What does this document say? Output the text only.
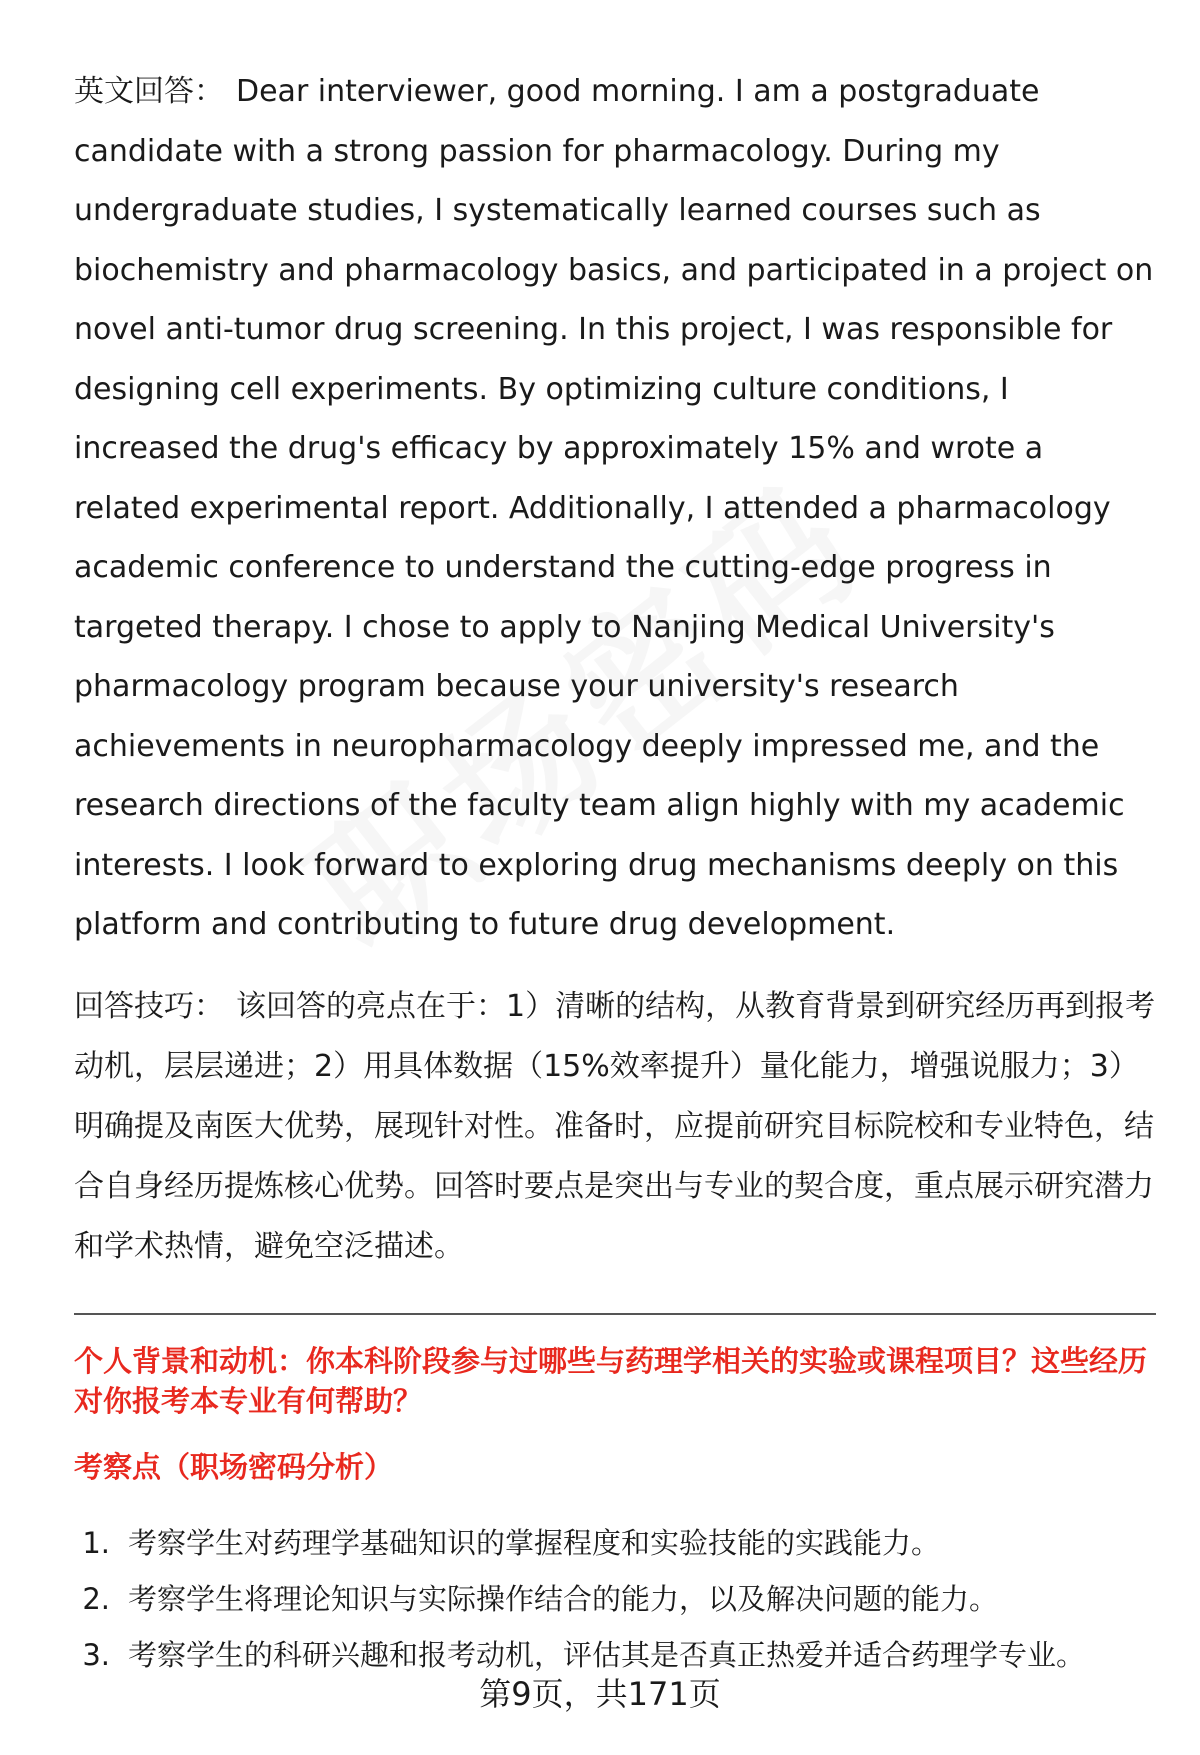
英文回答： Dear interviewer, good morning. I am a postgraduate candidate with a strong passion for pharmacology. During my undergraduate studies, I systematically learned courses such as biochemistry and pharmacology basics, and participated in a project on novel anti-tumor drug screening. In this project, I was responsible for designing cell experiments. By optimizing culture conditions, I increased the drug's efficacy by approximately 15% and wrote a related experimental report. Additionally, I attended a pharmacology academic conference to understand the cutting-edge progress in targeted therapy. I chose to apply to Nanjing Medical University's pharmacology program because your university's research achievements in neuropharmacology deeply impressed me, and the research directions of the faculty team align highly with my academic interests. I look forward to exploring drug mechanisms deeply on this platform and contributing to future drug development.

回答技巧： 该回答的亮点在于：1）清晰的结构，从教育背景到研究经历再到报考动机，层层递进；2）用具体数据（15%效率提升）量化能力，增强说服力；3）明确提及南医大优势，展现针对性。准备时，应提前研究目标院校和专业特色，结合自身经历提炼核心优势。回答时要点是突出与专业的契合度，重点展示研究潜力和学术热情，避免空泛描述。

个人背景和动机：你本科阶段参与过哪些与药理学相关的实验或课程项目？这些经历对你报考本专业有何帮助？
考察点（职场密码分析）
1. 考察学生对药理学基础知识的掌握程度和实验技能的实践能力。
2. 考察学生将理论知识与实际操作结合的能力，以及解决问题的能力。
3. 考察学生的科研兴趣和报考动机，评估其是否真正热爱并适合药理学专业。
第9页，共171页
